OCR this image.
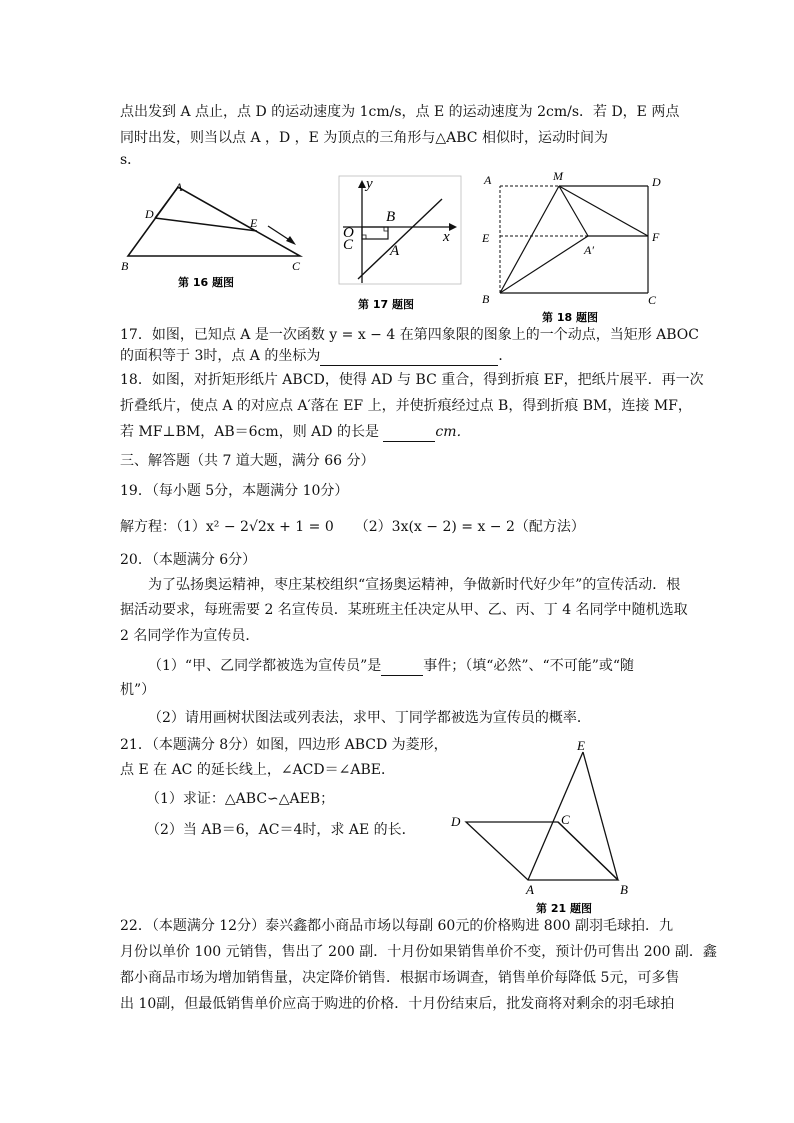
点出发到 A 点止，点 D 的运动速度为 1cm/s，点 E 的运动速度为 2cm/s．若 D，E 两点
同时出发，则当以点 A ，D ，E 为顶点的三角形与△ABC 相似时，运动时间为
s．
A
D
E
B	C
第 16 题图
y
x
O
B
C A
第 17 题图
A	M	D
E
A′
F
B	C
第 18 题图
17．如图，已知点 A 是一次函数 y = x − 4 在第四象限的图象上的一个动点，当矩形 ABOC
的面积等于 3时，点 A 的坐标为	．
18．如图，对折矩形纸片 ABCD，使得 AD 与 BC 重合，得到折痕 EF，把纸片展平．再一次
折叠纸片，使点 A 的对应点 A′落在 EF 上，并使折痕经过点 B，得到折痕 BM，连接 MF，
若 MF⊥BM，AB＝6cm，则 AD 的长是	cm．
三、解答题（共 7 道大题，满分 66 分）
19．（每小题 5分，本题满分 10分）
解方程：（1）x² − 2√2x + 1 = 0　　（2）3x(x − 2) = x − 2（配方法）
20．（本题满分 6分）
为了弘扬奥运精神，枣庄某校组织“宣扬奥运精神，争做新时代好少年”的宣传活动．根
据活动要求，每班需要 2 名宣传员．某班班主任决定从甲、乙、丙、丁 4 名同学中随机选取
2 名同学作为宣传员．
（1）“甲、乙同学都被选为宣传员”是	事件；（填“必然”、“不可能”或“随
机”）
（2）请用画树状图法或列表法，求甲、丁同学都被选为宣传员的概率．
21．（本题满分 8分）如图，四边形 ABCD 为菱形，
点 E 在 AC 的延长线上，∠ACD＝∠ABE．
（1）求证：△ABC∽△AEB；
（2）当 AB＝6，AC＝4时，求 AE 的长．
E
D	C
A	B
第 21 题图
22．（本题满分 12分）泰兴鑫都小商品市场以每副 60元的价格购进 800 副羽毛球拍．九
月份以单价 100 元销售，售出了 200 副．十月份如果销售单价不变，预计仍可售出 200 副．鑫
都小商品市场为增加销售量，决定降价销售．根据市场调查，销售单价每降低 5元，可多售
出 10副，但最低销售单价应高于购进的价格．十月份结束后，批发商将对剩余的羽毛球拍
